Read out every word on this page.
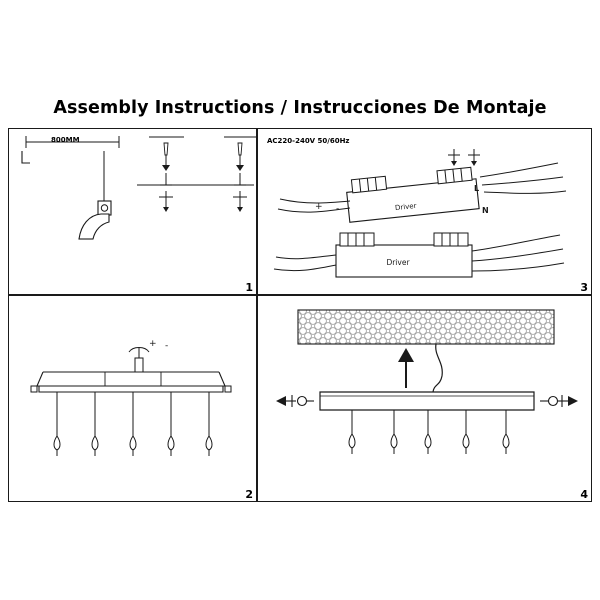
Assembly Instructions / Instrucciones De Montaje
800MM
1
Driver
Driver
+ -
L
N
AC220-240V 50/60Hz
3
+ -
2	4
